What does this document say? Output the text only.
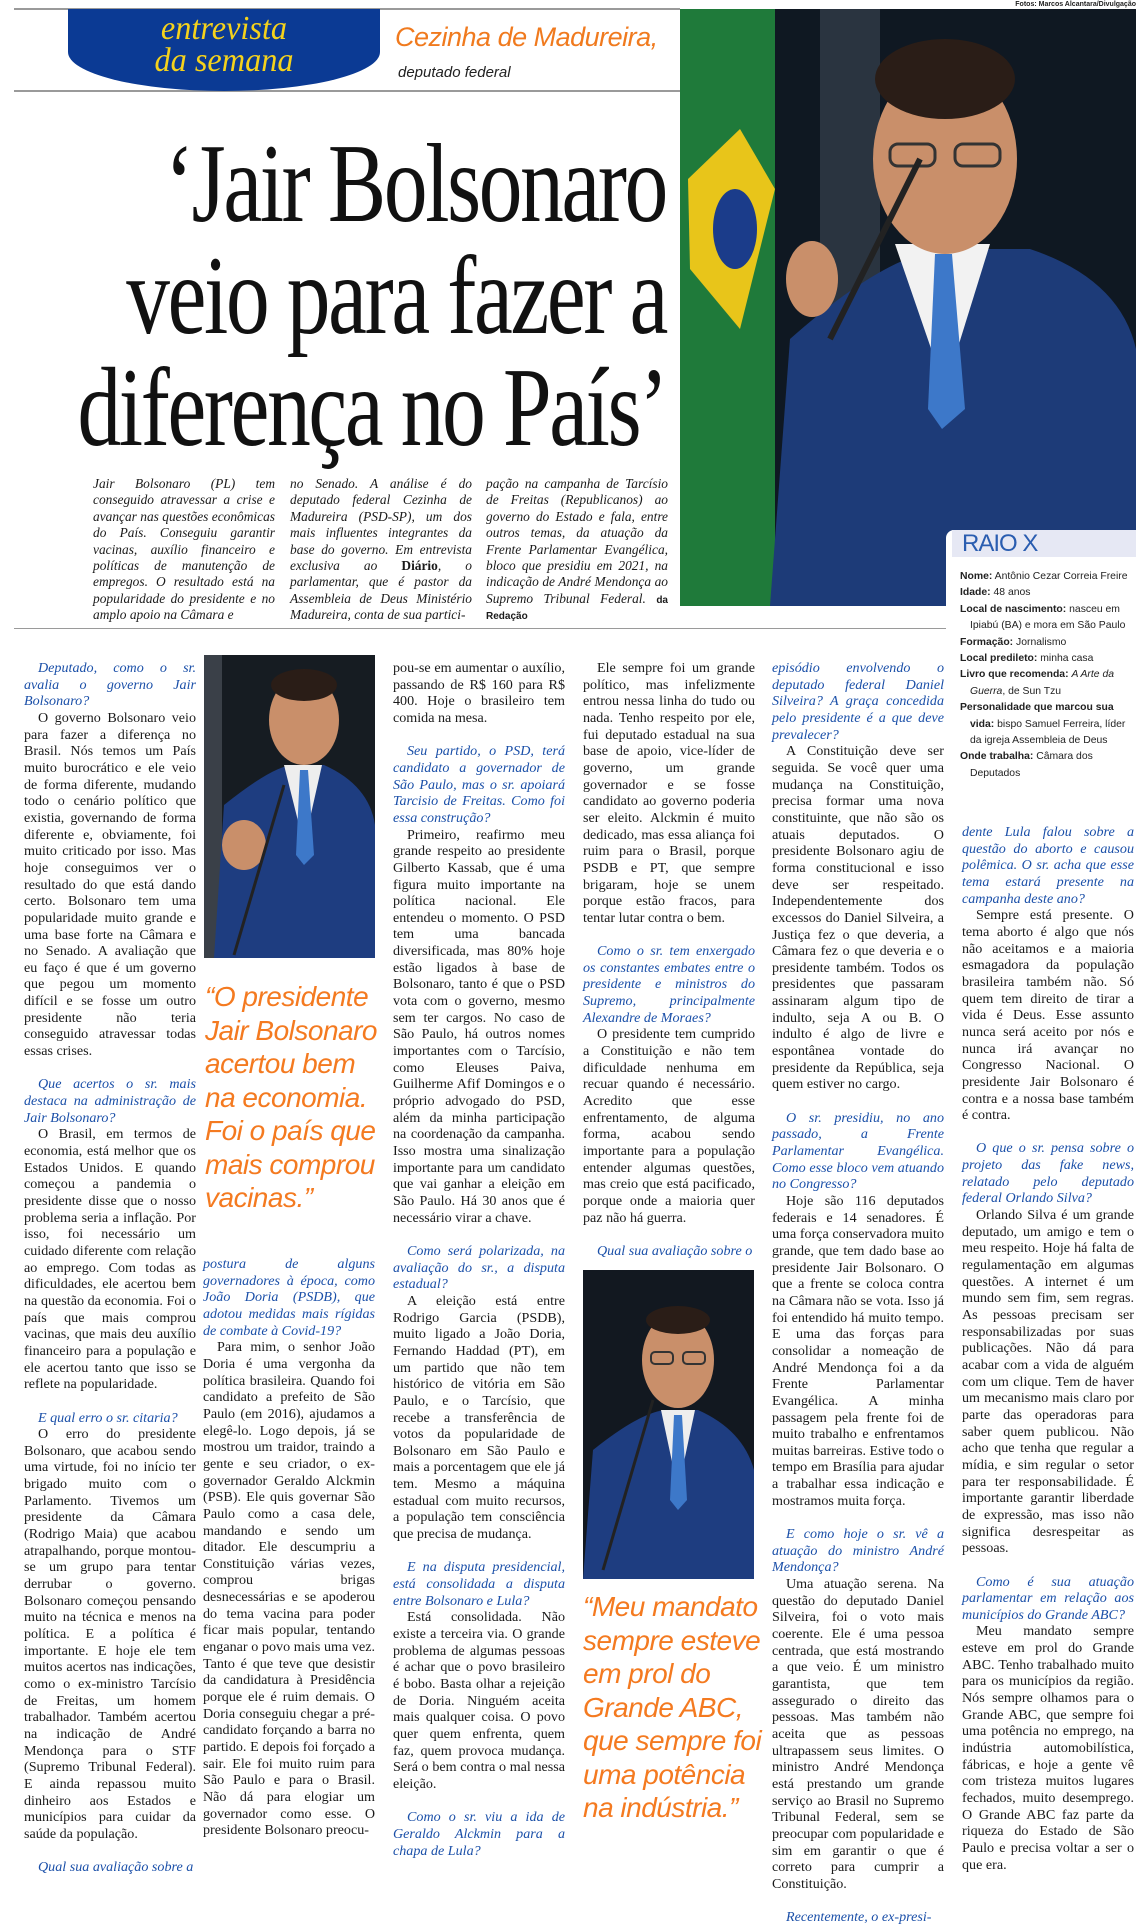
Fotos: Marcos Alcantara/Divulgação
entrevista
da semana
Cezinha de Madureira,
deputado federal
‘Jair Bolsonaro
veio para fazer a
diferença no País’
Jair Bolsonaro (PL) tem conseguido atravessar a crise e avançar nas questões econômicas do País. Conseguiu garantir vacinas, auxílio financeiro e políticas de manutenção de empregos. O resultado está na popularidade do presidente e no amplo apoio na Câmara e
no Senado. A análise é do deputado federal Cezinha de Madureira (PSD-SP), um dos mais influentes integrantes da base do governo. Em entrevista exclusiva ao Diário, o parlamentar, que é pastor da Assembleia de Deus Ministério Madureira, conta de sua partici-
pação na campanha de Tarcísio de Freitas (Republicanos) ao governo do Estado e fala, entre outros temas, da atuação da Frente Parlamentar Evangélica, bloco que presidiu em 2021, na indicação de André Mendonça ao Supremo Tribunal Federal. da Redação
RAIO X
Nome: Antônio Cezar Correia Freire
Idade: 48 anos
Local de nascimento: nasceu em Ipiabú (BA) e mora em São Paulo
Formação: Jornalismo
Local predileto: minha casa
Livro que recomenda: A Arte da Guerra, de Sun Tzu
Personalidade que marcou sua vida: bispo Samuel Ferreira, líder da igreja Assembleia de Deus
Onde trabalha: Câmara dos Deputados
“O presidente Jair Bolsonaro acertou bem na economia. Foi o país que mais comprou vacinas.”
“Meu mandato sempre esteve em prol do Grande ABC, que sempre foi uma potência na indústria.”

Deputado, como o sr. avalia o governo Jair Bolsonaro?

O governo Bolsonaro veio para fazer a diferença no Brasil. Nós temos um País muito burocrático e ele veio de forma diferente, mudando todo o cenário político que existia, governando de forma diferente e, obviamente, foi muito criticado por isso. Mas hoje conseguimos ver o resultado do que está dando certo. Bolsonaro tem uma popularidade muito grande e uma base forte na Câmara e no Senado. A avaliação que eu faço é que é um governo que pegou um momento difícil e se fosse um outro presidente não teria conseguido atravessar todas essas crises.

Que acertos o sr. mais destaca na administração de Jair Bolsonaro?

O Brasil, em termos de economia, está melhor que os Estados Unidos. E quando começou a pandemia o presidente disse que o nosso problema seria a inflação. Por isso, foi necessário um cuidado diferente com relação ao emprego. Com todas as dificuldades, ele acertou bem na questão da economia. Foi o país que mais comprou vacinas, que mais deu auxílio financeiro para a população e ele acertou tanto que isso se reflete na popularidade.

E qual erro o sr. citaria?

O erro do presidente Bolsonaro, que acabou sendo uma virtude, foi no início ter brigado muito com o Parlamento. Tivemos um presidente da Câmara (Rodrigo Maia) que acabou atrapalhando, porque montou-se um grupo para tentar derrubar o governo. Bolsonaro começou pensando muito na técnica e menos na política. E a política é importante. E hoje ele tem muitos acertos nas indicações, como o ex-ministro Tarcísio de Freitas, um homem trabalhador. Também acertou na indicação de André Mendonça para o STF (Supremo Tribunal Federal). E ainda repassou muito dinheiro aos Estados e municípios para cuidar da saúde da população.

Qual sua avaliação sobre a

postura de alguns governadores à época, como João Doria (PSDB), que adotou medidas mais rígidas de combate à Covid-19?

Para mim, o senhor João Doria é uma vergonha da política brasileira. Quando foi candidato a prefeito de São Paulo (em 2016), ajudamos a elegê-lo. Logo depois, já se mostrou um traidor, traindo a gente e seu criador, o ex-governador Geraldo Alckmin (PSB). Ele quis governar São Paulo como a casa dele, mandando e sendo um ditador. Ele descumpriu a Constituição várias vezes, comprou brigas desnecessárias e se apoderou do tema vacina para poder ficar mais popular, tentando enganar o povo mais uma vez. Tanto é que teve que desistir da candidatura à Presidência porque ele é ruim demais. O Doria conseguiu chegar a pré-candidato forçando a barra no partido. E depois foi forçado a sair. Ele foi muito ruim para São Paulo e para o Brasil. Não dá para elogiar um governador como esse. O presidente Bolsonaro preocu-

pou-se em aumentar o auxílio, passando de R$ 160 para R$ 400. Hoje o brasileiro tem comida na mesa.

Seu partido, o PSD, terá candidato a governador de São Paulo, mas o sr. apoiará Tarcisio de Freitas. Como foi essa construção?

Primeiro, reafirmo meu grande respeito ao presidente Gilberto Kassab, que é uma figura muito importante na política nacional. Ele entendeu o momento. O PSD tem uma bancada diversificada, mas 80% hoje estão ligados à base de Bolsonaro, tanto é que o PSD vota com o governo, mesmo sem ter cargos. No caso de São Paulo, há outros nomes importantes com o Tarcísio, como Eleuses Paiva, Guilherme Afif Domingos e o próprio advogado do PSD, além da minha participação na coordenação da campanha. Isso mostra uma sinalização importante para um candidato que vai ganhar a eleição em São Paulo. Há 30 anos que é necessário virar a chave.

Como será polarizada, na avaliação do sr., a disputa estadual?

A eleição está entre Rodrigo Garcia (PSDB), muito ligado a João Doria, Fernando Haddad (PT), em um partido que não tem histórico de vitória em São Paulo, e o Tarcísio, que recebe a transferência de votos da popularidade de Bolsonaro em São Paulo e mais a porcentagem que ele já tem. Mesmo a máquina estadual com muito recursos, a população tem consciência que precisa de mudança.

E na disputa presidencial, está consolidada a disputa entre Bolsonaro e Lula?

Está consolidada. Não existe a terceira via. O grande problema de algumas pessoas é achar que o povo brasileiro é bobo. Basta olhar a rejeição de Doria. Ninguém aceita mais qualquer coisa. O povo quer quem enfrenta, quem faz, quem provoca mudança. Será o bem contra o mal nessa eleição.

Como o sr. viu a ida de Geraldo Alckmin para a chapa de Lula?

Ele sempre foi um grande político, mas infelizmente entrou nessa linha do tudo ou nada. Tenho respeito por ele, fui deputado estadual na sua base de apoio, vice-líder de governo, um grande governador e se fosse candidato ao governo poderia ser eleito. Alckmin é muito dedicado, mas essa aliança foi ruim para o Brasil, porque PSDB e PT, que sempre brigaram, hoje se unem porque estão fracos, para tentar lutar contra o bem.

Como o sr. tem enxergado os constantes embates entre o presidente e ministros do Supremo, principalmente Alexandre de Moraes?

O presidente tem cumprido a Constituição e não tem dificuldade nenhuma em recuar quando é necessário. Acredito que esse enfrentamento, de alguma forma, acabou sendo importante para a população entender algumas questões, mas creio que está pacificado, porque onde a maioria quer paz não há guerra.

Qual sua avaliação sobre o

episódio envolvendo o deputado federal Daniel Silveira? A graça concedida pelo presidente é a que deve prevalecer?

A Constituição deve ser seguida. Se você quer uma mudança na Constituição, precisa formar uma nova constituinte, que não são os atuais deputados. O presidente Bolsonaro agiu de forma constitucional e isso deve ser respeitado. Independentemente dos excessos do Daniel Silveira, a Justiça fez o que deveria, a Câmara fez o que deveria e o presidente também. Todos os presidentes que passaram assinaram algum tipo de indulto, seja A ou B. O indulto é algo de livre e espontânea vontade do presidente da República, seja quem estiver no cargo.

O sr. presidiu, no ano passado, a Frente Parlamentar Evangélica. Como esse bloco vem atuando no Congresso?

Hoje são 116 deputados federais e 14 senadores. É uma força conservadora muito grande, que tem dado base ao presidente Jair Bolsonaro. O que a frente se coloca contra na Câmara não se vota. Isso já foi entendido há muito tempo. E uma das forças para consolidar a nomeação de André Mendonça foi a da Frente Parlamentar Evangélica. A minha passagem pela frente foi de muito trabalho e enfrentamos muitas barreiras. Estive todo o tempo em Brasília para ajudar a trabalhar essa indicação e mostramos muita força.

E como hoje o sr. vê a atuação do ministro André Mendonça?

Uma atuação serena. Na questão do deputado Daniel Silveira, foi o voto mais coerente. Ele é uma pessoa centrada, que está mostrando a que veio. É um ministro garantista, que tem assegurado o direito das pessoas. Mas também não aceita que as pessoas ultrapassem seus limites. O ministro André Mendonça está prestando um grande serviço ao Brasil no Supremo Tribunal Federal, sem se preocupar com popularidade e sim em garantir o que é correto para cumprir a Constituição.

Recentemente, o ex-presi-

dente Lula falou sobre a questão do aborto e causou polêmica. O sr. acha que esse tema estará presente na campanha deste ano?

Sempre está presente. O tema aborto é algo que nós não aceitamos e a maioria esmagadora da população brasileira também não. Só quem tem direito de tirar a vida é Deus. Esse assunto nunca será aceito por nós e nunca irá avançar no Congresso Nacional. O presidente Jair Bolsonaro é contra e a nossa base também é contra.

O que o sr. pensa sobre o projeto das fake news, relatado pelo deputado federal Orlando Silva?

Orlando Silva é um grande deputado, um amigo e tem o meu respeito. Hoje há falta de regulamentação em algumas questões. A internet é um mundo sem fim, sem regras. As pessoas precisam ser responsabilizadas por suas publicações. Não dá para acabar com a vida de alguém com um clique. Tem de haver um mecanismo mais claro por parte das operadoras para saber quem publicou. Não acho que tenha que regular a mídia, e sim regular o setor para ter responsabilidade. É importante garantir liberdade de expressão, mas isso não significa desrespeitar as pessoas.

Como é sua atuação parlamentar em relação aos municípios do Grande ABC?

Meu mandato sempre esteve em prol do Grande ABC. Tenho trabalhado muito para os municípios da região. Nós sempre olhamos para o Grande ABC, que sempre foi uma potência no emprego, na indústria automobilística, fábricas, e hoje a gente vê com tristeza muitos lugares fechados, muito desemprego. O Grande ABC faz parte da riqueza do Estado de São Paulo e precisa voltar a ser o que era.
